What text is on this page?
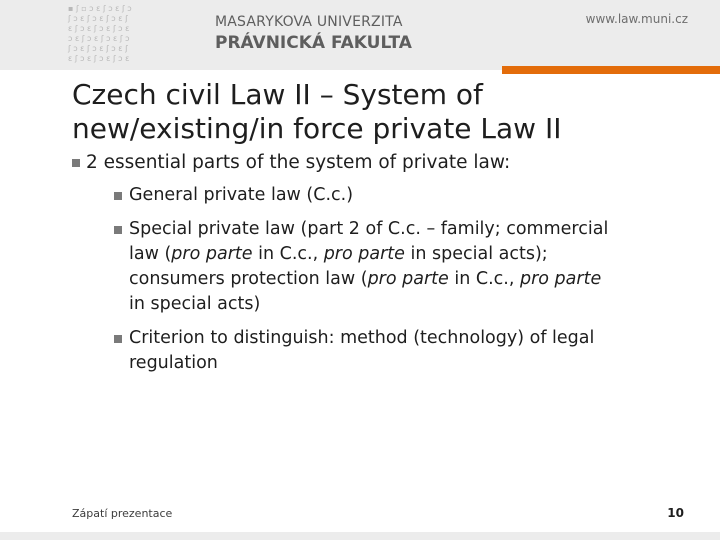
▪ ʃ ▫ ɔ ɛ ʃ ɔ ɛ ʃ ɔ
ʃ ɔ ɛ ʃ ɔ ɛ ʃ ɔ ɛ ʃ
ɛ ʃ ɔ ɛ ʃ ɔ ɛ ʃ ɔ ɛ
ɔ ɛ ʃ ɔ ɛ ʃ ɔ ɛ ʃ ɔ
ʃ ɔ ɛ ʃ ɔ ɛ ʃ ɔ ɛ ʃ
ɛ ʃ ɔ ɛ ʃ ɔ ɛ ʃ ɔ ɛ
MASARYKOVA UNIVERZITA
PRÁVNICKÁ FAKULTA
www.law.muni.cz
Czech civil Law II – System of
new/existing/in force private Law II
2 essential parts of the system of private law:
General private law (C.c.)
Special private law (part 2 of C.c. – family; commercial
law (pro parte in C.c., pro parte in special acts);
consumers protection law (pro parte in C.c., pro parte
in special acts)
Criterion to distinguish: method (technology) of legal
regulation
Zápatí prezentace	10
